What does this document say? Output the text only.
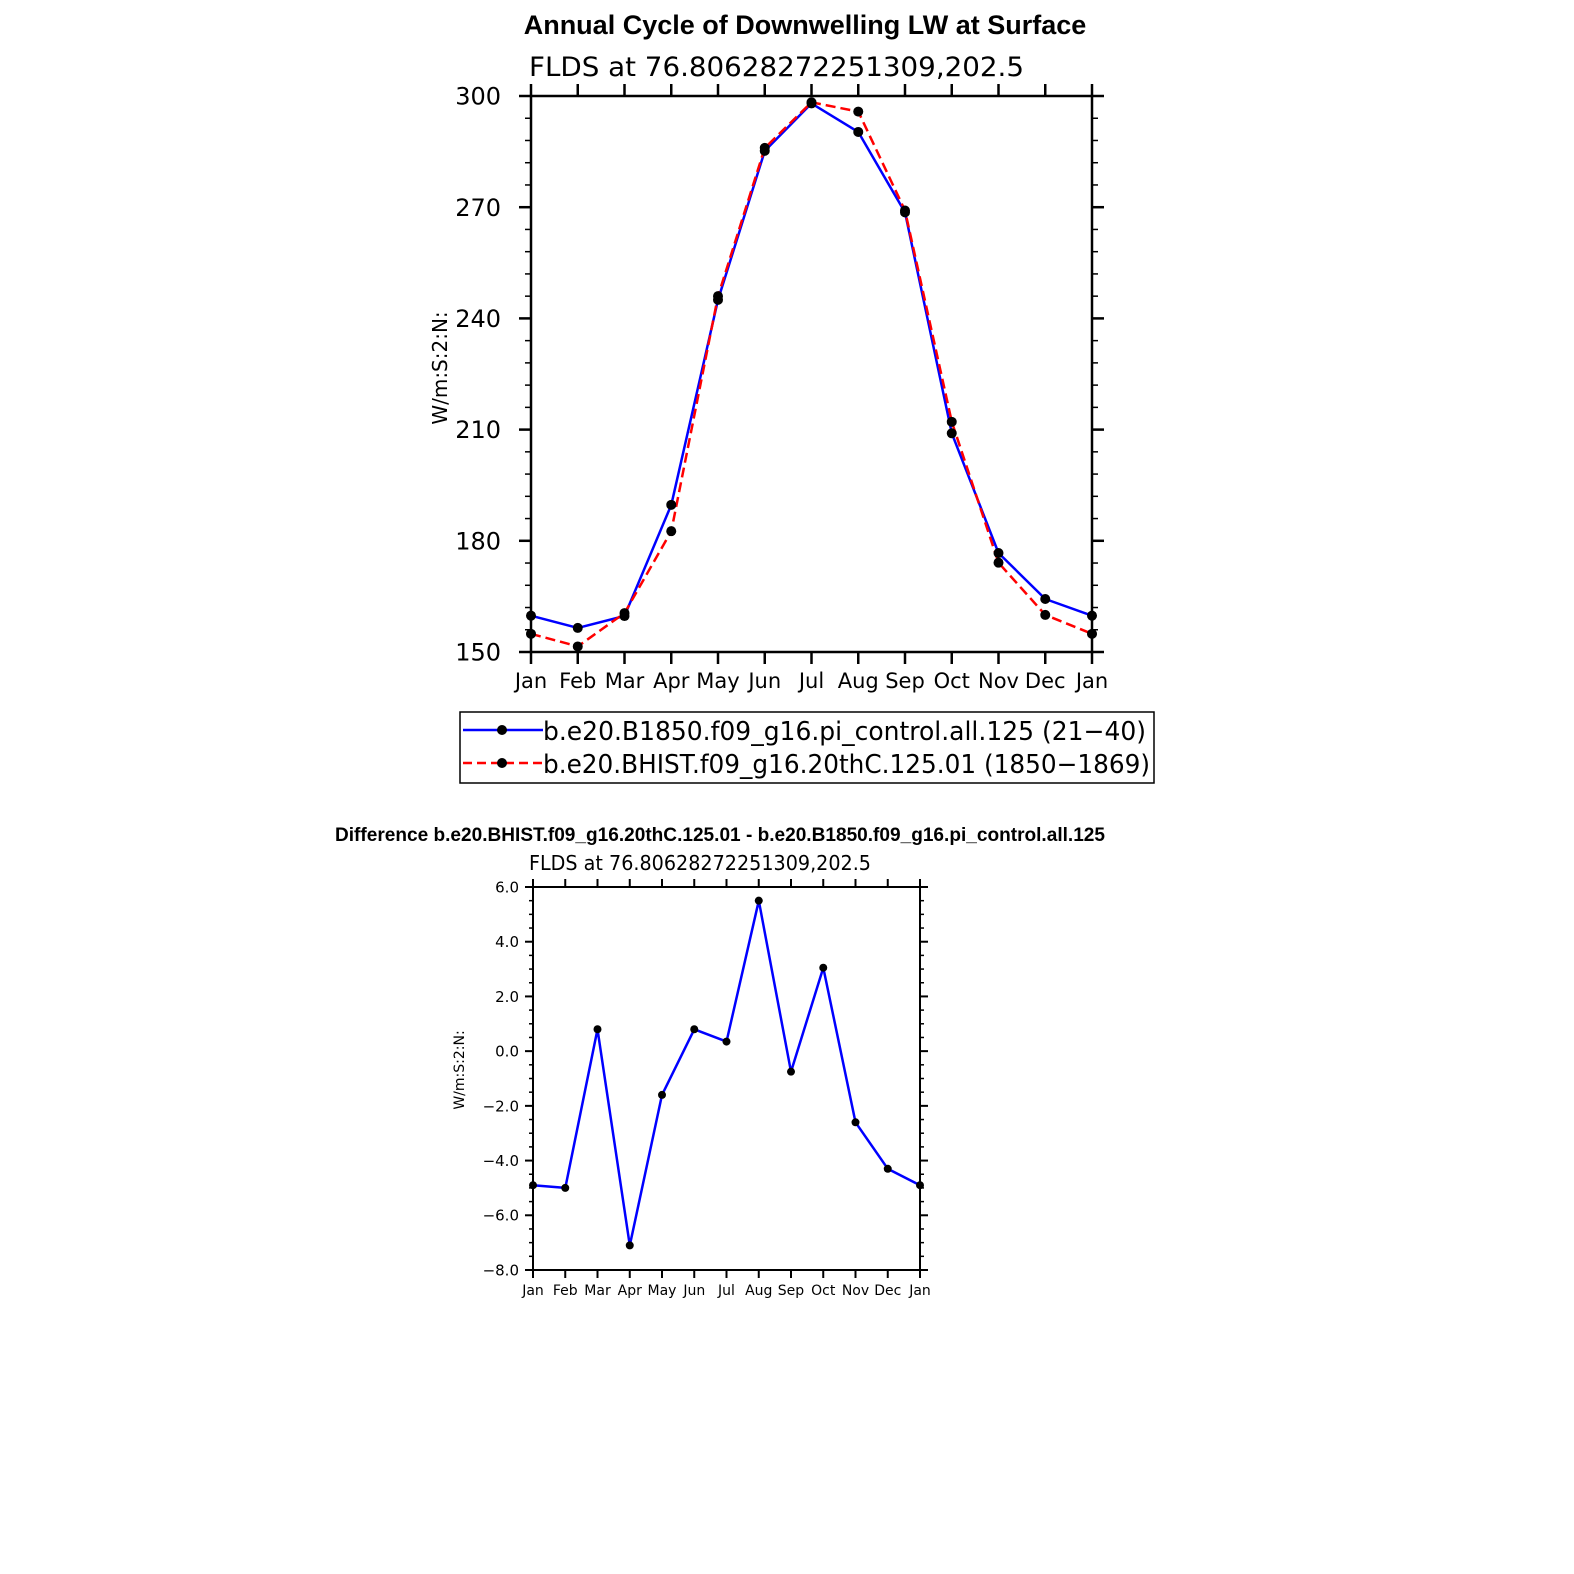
Annual Cycle of Downwelling LW at Surface
FLDS at 76.80628272251309,202.5
W/m:S:2:N:
Jan Feb Mar Apr May Jun Jul Aug Sep Oct Nov Dec Jan
150
180
210
240
270
300
b.e20.B1850.f09_g16.pi_control.all.125 (21−40)
b.e20.BHIST.f09_g16.20thC.125.01 (1850−1869)
Difference b.e20.BHIST.f09_g16.20thC.125.01 - b.e20.B1850.f09_g16.pi_control.all.125
FLDS at 76.80628272251309,202.5
W/m:S:2:N:
Jan Feb Mar Apr May Jun Jul Aug Sep Oct Nov Dec Jan
−8.0
−6.0
−4.0
−2.0
0.0
2.0
4.0
6.0
